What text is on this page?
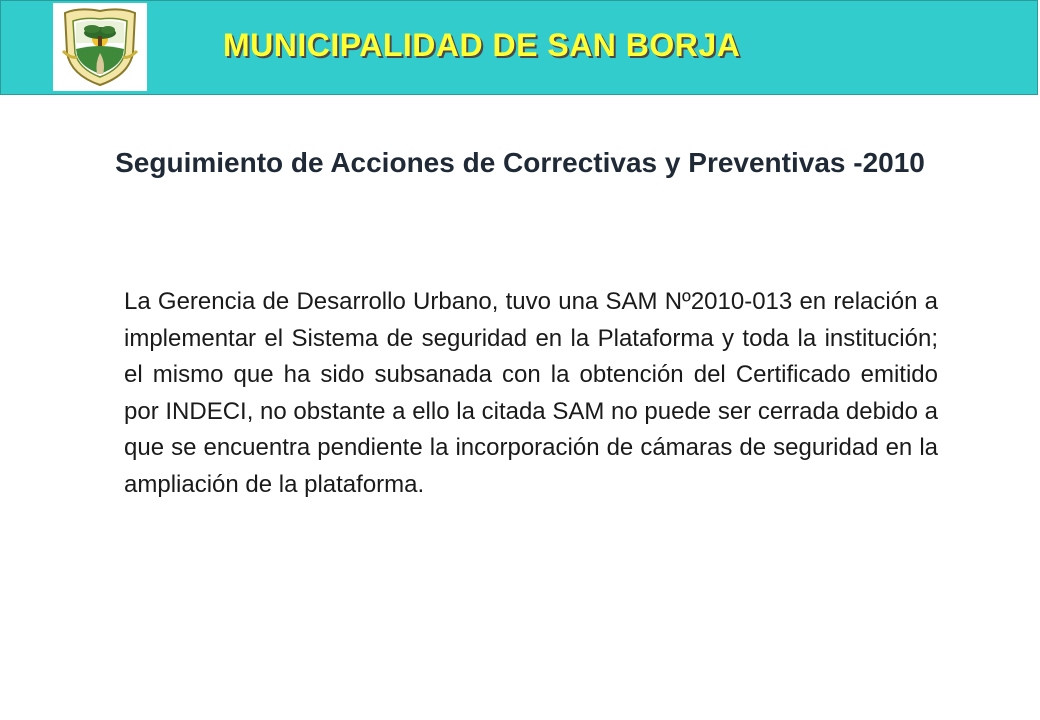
MUNICIPALIDAD DE SAN BORJA
Seguimiento de Acciones de Correctivas y Preventivas -2010
La Gerencia de Desarrollo Urbano, tuvo una SAM Nº2010-013 en relación a implementar el Sistema de seguridad en la Plataforma y toda la institución; el mismo que ha sido subsanada con la obtención del Certificado emitido por INDECI, no obstante a ello la citada SAM no puede ser cerrada debido a que se encuentra pendiente la incorporación de cámaras de seguridad en la ampliación de la plataforma.
